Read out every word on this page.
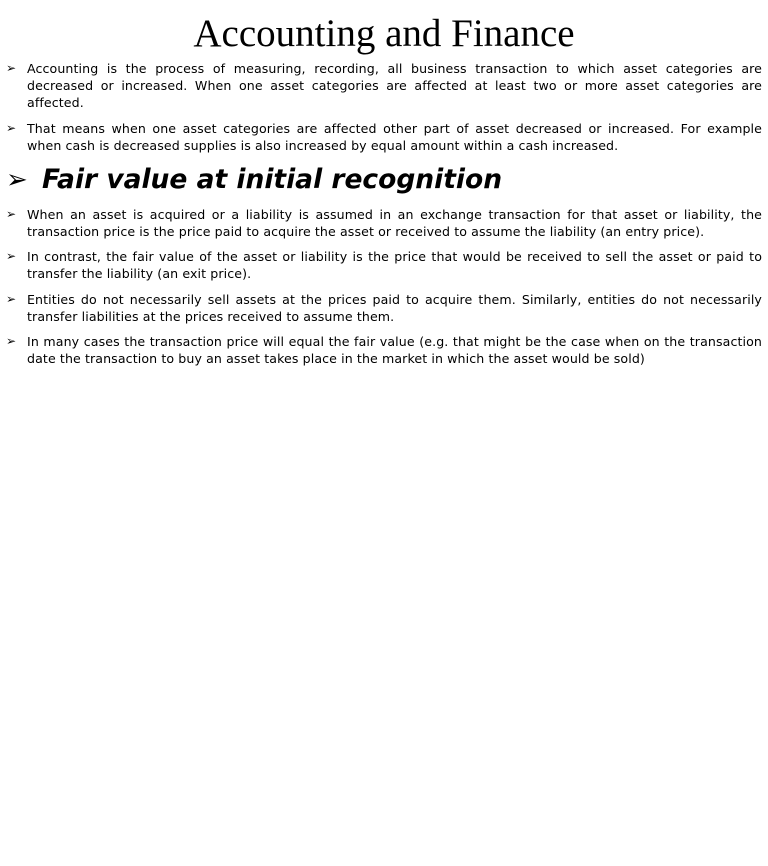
Accounting and Finance
➢ Accounting is the process of measuring, recording, all business transaction to which asset categories are decreased or increased. When one asset categories are affected at least two or more asset categories are affected.
➢ That means when one asset categories are affected other part of asset decreased or increased. For example when cash is decreased supplies is also increased by equal amount within a cash increased.
➢ Fair value at initial recognition
➢ When an asset is acquired or a liability is assumed in an exchange transaction for that asset or liability, the transaction price is the price paid to acquire the asset or received to assume the liability (an entry price).
➢ In contrast, the fair value of the asset or liability is the price that would be received to sell the asset or paid to transfer the liability (an exit price).
➢ Entities do not necessarily sell assets at the prices paid to acquire them. Similarly, entities do not necessarily transfer liabilities at the prices received to assume them.
➢ In many cases the transaction price will equal the fair value (e.g. that might be the case when on the transaction date the transaction to buy an asset takes place in the market in which the asset would be sold)
